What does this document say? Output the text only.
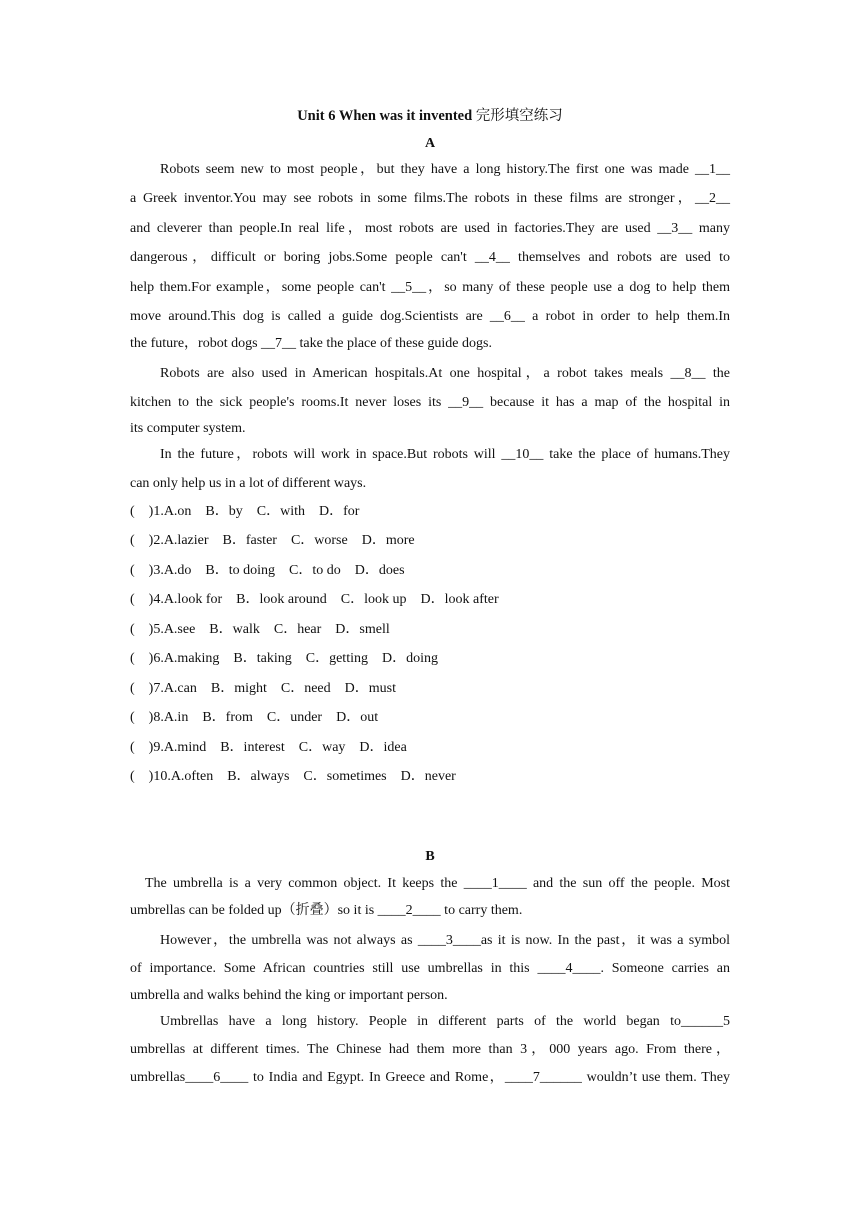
Unit 6 When was it invented 完形填空练习
A
Robots seem new to most people，but they have a long history.The first one was made __1__
a Greek inventor.You may see robots in some films.The robots in these films are stronger，__2__
and cleverer than people.In real life，most robots are used in factories.They are used __3__ many
dangerous，difficult or boring jobs.Some people can't __4__ themselves and robots are used to
help them.For example，some people can't __5__，so many of these people use a dog to help them
move around.This dog is called a guide dog.Scientists are __6__ a robot in order to help them.In
the future，robot dogs __7__ take the place of these guide dogs.
Robots are also used in American hospitals.At one hospital，a robot takes meals __8__ the
kitchen to the sick people's rooms.It never loses its __9__ because it has a map of the hospital in
its computer system.
In the future，robots will work in space.But robots will __10__ take the place of humans.They
can only help us in a lot of different ways.
(    )1.A.on    B．by    C．with    D．for
(    )2.A.lazier    B．faster    C．worse    D．more
(    )3.A.do    B．to doing    C．to do    D．does
(    )4.A.look for    B．look around    C．look up    D．look after
(    )5.A.see    B．walk    C．hear    D．smell
(    )6.A.making    B．taking    C．getting    D．doing
(    )7.A.can    B．might    C．need    D．must
(    )8.A.in    B．from    C．under    D．out
(    )9.A.mind    B．interest    C．way    D．idea
(    )10.A.often    B．always    C．sometimes    D．never
B
The umbrella is a very common object. It keeps the ____1____ and the sun off the people. Most
umbrellas can be folded up（折叠）so it is ____2____ to carry them.
However，the umbrella was not always as ____3____as it is now. In the past，it was a symbol
of importance. Some African countries still use umbrellas in this ____4____. Someone carries an
umbrella and walks behind the king or important person.
Umbrellas have a long history. People in different parts of the world began to______5
umbrellas at different times. The Chinese had them more than 3，000 years ago. From there，
umbrellas____6____ to India and Egypt. In Greece and Rome，____7______ wouldn’t use them. They
